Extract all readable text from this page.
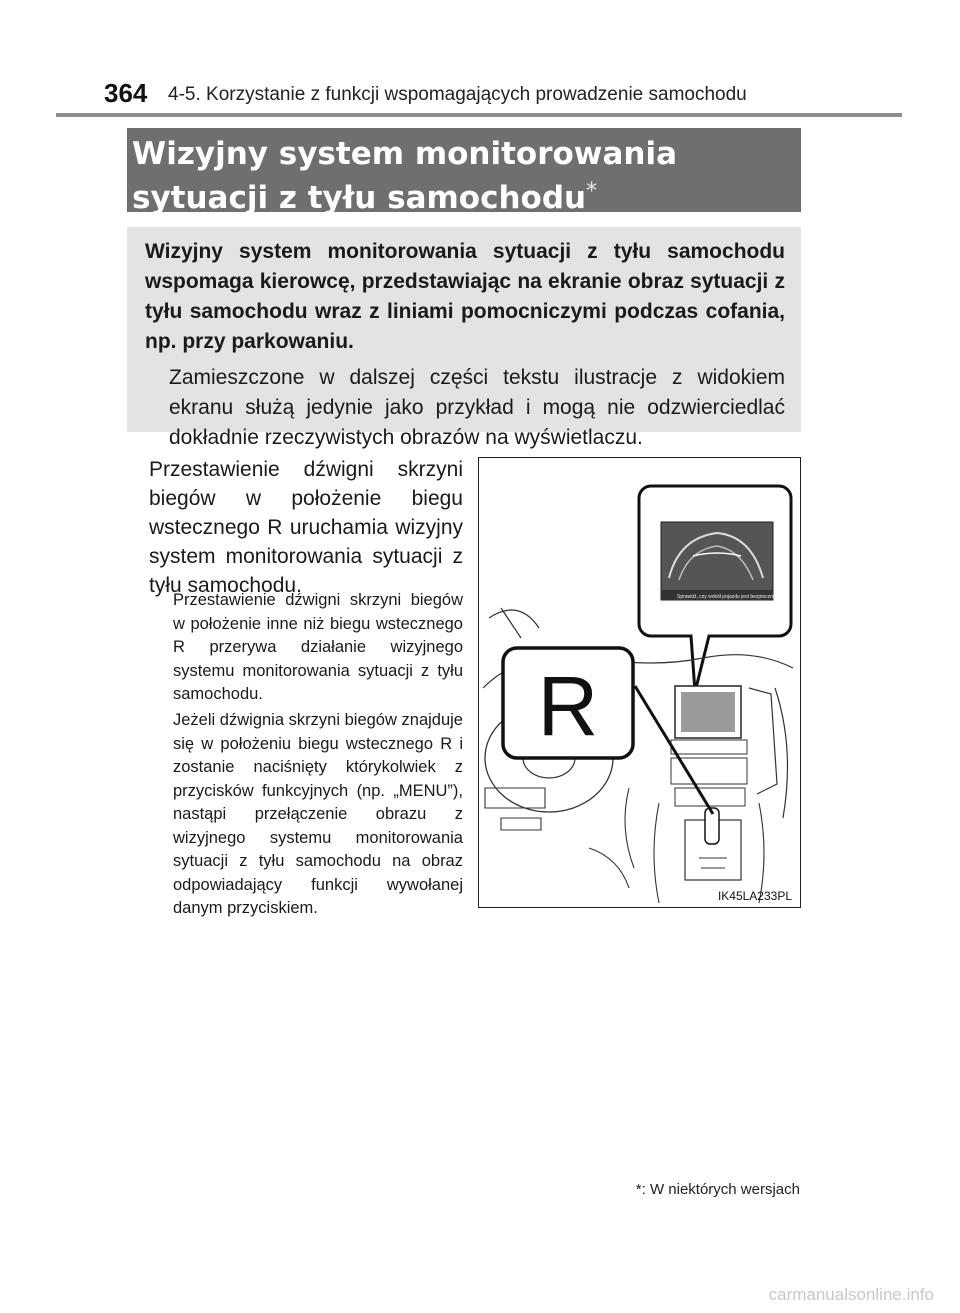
364 4-5. Korzystanie z funkcji wspomagających prowadzenie samochodu
Wizyjny system monitorowania sytuacji z tyłu samochodu*

Wizyjny system monitorowania sytuacji z tyłu samochodu wspomaga kierowcę, przedstawiając na ekranie obraz sytuacji z tyłu samochodu wraz z liniami pomocniczymi podczas cofania, np. przy parkowaniu.

Zamieszczone w dalszej części tekstu ilustracje z widokiem ekranu służą jedynie jako przykład i mogą nie odzwierciedlać dokładnie rzeczywistych obrazów na wyświetlaczu.

Przestawienie dźwigni skrzyni biegów w położenie biegu wstecznego R uruchamia wizyjny system monitorowania sytuacji z tyłu samochodu.

Przestawienie dźwigni skrzyni biegów w położenie inne niż biegu wstecznego R przerywa działanie wizyjnego systemu monitorowania sytuacji z tyłu samochodu.

Jeżeli dźwignia skrzyni biegów znajduje się w położeniu biegu wstecznego R i zostanie naciśnięty którykolwiek z przycisków funkcyjnych (np. „MENU”), nastąpi przełączenie obrazu z wizyjnego systemu monitorowania sytuacji z tyłu samochodu na obraz odpowiadający funkcji wywołanej danym przyciskiem.

Sprawdź, czy wokół pojazdu jest bezpiecznie
R
IK45LA233PL
*: W niektórych wersjach
carmanualsonline.info
